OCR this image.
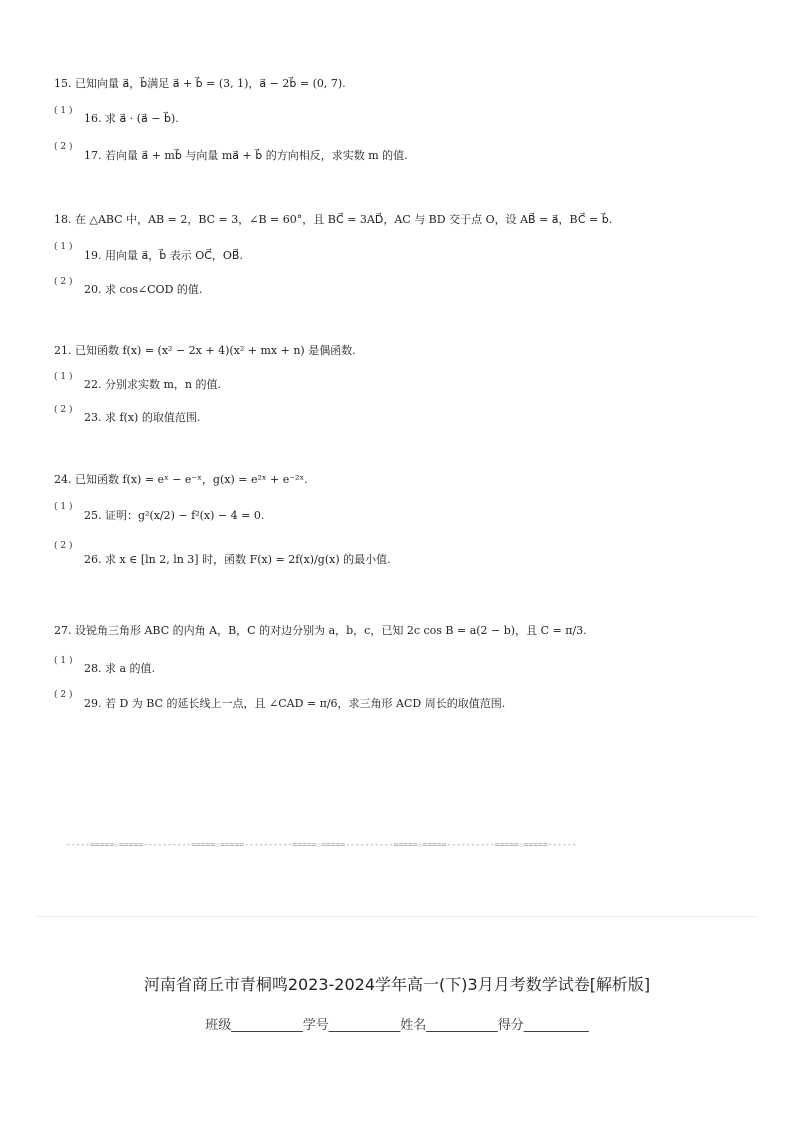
15. 已知向量 a⃗，b⃗满足 a⃗ + b⃗ = (3, 1)，a⃗ − 2b⃗ = (0, 7).
( 1 )
16. 求 a⃗ · (a⃗ − b⃗).
( 2 )
17. 若向量 a⃗ + mb⃗ 与向量 ma⃗ + b⃗ 的方向相反，求实数 m 的值.
18. 在 △ABC 中，AB = 2，BC = 3，∠B = 60°，且 BC⃗ = 3AD⃗，AC 与 BD 交于点 O，设 AB⃗ = a⃗，BC⃗ = b⃗.
( 1 )
19. 用向量 a⃗，b⃗ 表示 OC⃗，OB⃗.
( 2 )
20. 求 cos∠COD 的值.
21. 已知函数 f(x) = (x² − 2x + 4)(x² + mx + n) 是偶函数.
( 1 )
22. 分别求实数 m，n 的值.
( 2 )
23. 求 f(x) 的取值范围.
24. 已知函数 f(x) = eˣ − e⁻ˣ，g(x) = e²ˣ + e⁻²ˣ.
( 1 )
25. 证明：g²(x/2) − f²(x) − 4 = 0.
( 2 )
26. 求 x ∈ [ln 2, ln 3] 时，函数 F(x) = 2f(x)/g(x) 的最小值.
27. 设锐角三角形 ABC 的内角 A，B，C 的对边分别为 a，b，c，已知 2c cos B = a(2 − b)，且 C = π/3.
( 1 )
28. 求 a 的值.
( 2 )
29. 若 D 为 BC 的延长线上一点，且 ∠CAD = π/6，求三角形 ACD 周长的取值范围.
-----=====☆=====----------=====☆=====----------=====☆=====----------=====☆=====----------=====☆=====------
河南省商丘市青桐鸣2023-2024学年高一(下)3月月考数学试卷[解析版]
班级___________学号___________姓名___________得分__________
